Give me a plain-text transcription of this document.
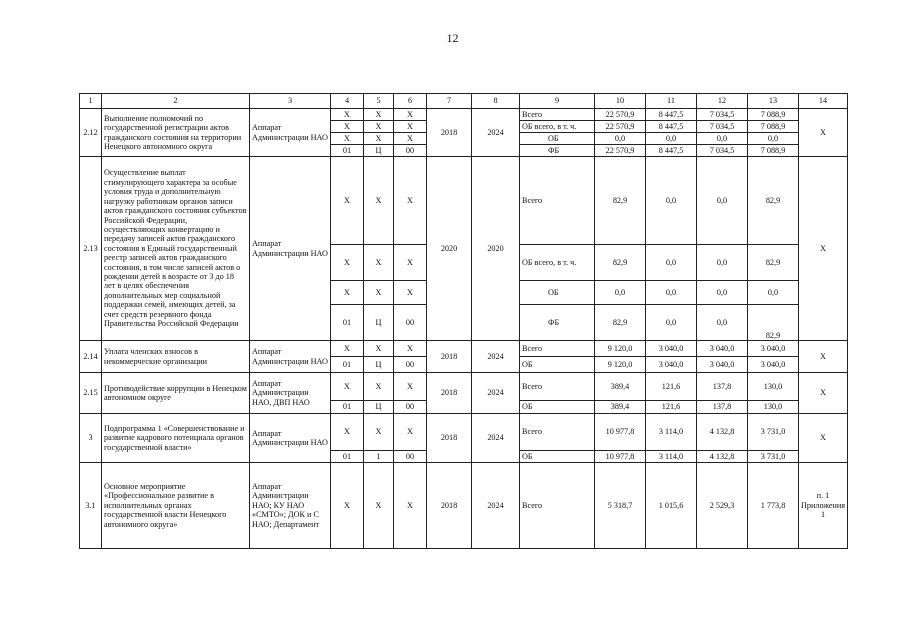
12
1	2	3	4	5	6	7	8	9	10	11	12	13	14
2.12	Выполнение полномочий по государственной регистрации актов гражданского состояния на территории Ненецкого автономного округа	Аппарат Администрации НАО	Х	Х	Х	2018	2024	Всего	22 570,9	8 447,5	7 034,5	7 088,9	Х
			Х	Х	Х			ОБ всего, в т. ч.	22 570,9	8 447,5	7 034,5	7 088,9	
			Х	Х	Х			ОБ	0,0	0,0	0,0	0,0	
			01	Ц	00			ФБ	22 570,9	8 447,5	7 034,5	7 088,9	
2.13	Осуществление выплат стимулирующего характера за особые условия труда и дополнительную нагрузку работникам органов записи актов гражданского состояния субъектов Российской Федерации, осуществляющих конвертацию и передачу записей актов гражданского состояния в Единый государственный реестр записей актов гражданского состояния, в том числе записей актов о рождении детей в возрасте от 3 до 18 лет в целях обеспечения дополнительных мер социальной поддержки семей, имеющих детей, за счет средств резервного фонда Правительства Российской Федерации	Аппарат Администрации НАО	Х	Х	Х	2020	2020	Всего	82,9	0,0	0,0	82,9	Х
			Х	Х	Х			ОБ всего, в т. ч.	82,9	0,0	0,0	82,9	
			Х	Х	Х			ОБ	0,0	0,0	0,0	0,0	
			01	Ц	00			ФБ	82,9	0,0	0,0	82,9	
2.14	Уплата членских взносов в некоммерческие организации	Аппарат Администрации НАО	Х	Х	Х	2018	2024	Всего	9 120,0	3 040,0	3 040,0	3 040,0	Х
			01	Ц	00			ОБ	9 120,0	3 040,0	3 040,0	3 040,0	
2.15	Противодействие коррупции в Ненецком автономном округе	Аппарат Администрации НАО, ДВП НАО	Х	Х	Х	2018	2024	Всего	389,4	121,6	137,8	130,0	Х
			01	Ц	00			ОБ	389,4	121,6	137,8	130,0	
3	Подпрограмма 1 «Совершенствование и развитие кадрового потенциала органов государственной власти»	Аппарат Администрации НАО	Х	Х	Х	2018	2024	Всего	10 977,8	3 114,0	4 132,8	3 731,0	Х
			01	1	00			ОБ	10 977,8	3 114,0	4 132,8	3 731,0	
3.1	Основное мероприятие «Профессиональное развитие в исполнительных органах государственной власти Ненецкого автономного округа»	Аппарат Администрации НАО; КУ НАО «СМТО»; ДОК и С НАО; Департамент	Х	Х	Х	2018	2024	Всего	5 318,7	1 015,6	2 529,3	1 773,8	п. 1 Приложения 1
